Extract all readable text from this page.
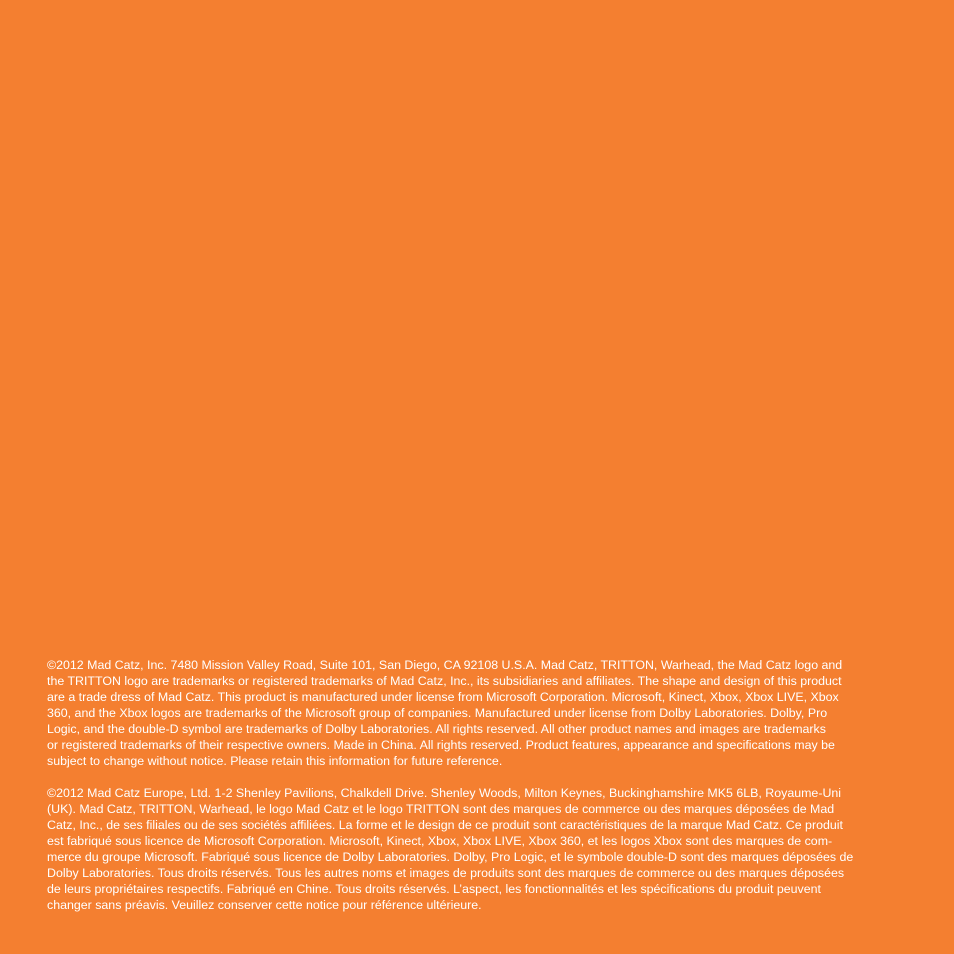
©2012 Mad Catz, Inc. 7480 Mission Valley Road, Suite 101, San Diego, CA 92108 U.S.A. Mad Catz, TRITTON, Warhead, the Mad Catz logo and
the TRITTON logo are trademarks or registered trademarks of Mad Catz, Inc., its subsidiaries and affiliates. The shape and design of this product
are a trade dress of Mad Catz. This product is manufactured under license from Microsoft Corporation. Microsoft, Kinect, Xbox, Xbox LIVE, Xbox
360, and the Xbox logos are trademarks of the Microsoft group of companies. Manufactured under license from Dolby Laboratories. Dolby, Pro
Logic, and the double-D symbol are trademarks of Dolby Laboratories. All rights reserved. All other product names and images are trademarks
or registered trademarks of their respective owners. Made in China. All rights reserved. Product features, appearance and specifications may be
subject to change without notice. Please retain this information for future reference.

©2012 Mad Catz Europe, Ltd. 1-2 Shenley Pavilions, Chalkdell Drive. Shenley Woods, Milton Keynes, Buckinghamshire MK5 6LB, Royaume-Uni
(UK). Mad Catz, TRITTON, Warhead, le logo Mad Catz et le logo TRITTON sont des marques de commerce ou des marques déposées de Mad
Catz, Inc., de ses filiales ou de ses sociétés affiliées. La forme et le design de ce produit sont caractéristiques de la marque Mad Catz. Ce produit
est fabriqué sous licence de Microsoft Corporation. Microsoft, Kinect, Xbox, Xbox LIVE, Xbox 360, et les logos Xbox sont des marques de com-
merce du groupe Microsoft. Fabriqué sous licence de Dolby Laboratories. Dolby, Pro Logic, et le symbole double-D sont des marques déposées de
Dolby Laboratories. Tous droits réservés. Tous les autres noms et images de produits sont des marques de commerce ou des marques déposées
de leurs propriétaires respectifs. Fabriqué en Chine. Tous droits réservés. L’aspect, les fonctionnalités et les spécifications du produit peuvent
changer sans préavis. Veuillez conserver cette notice pour référence ultérieure.
